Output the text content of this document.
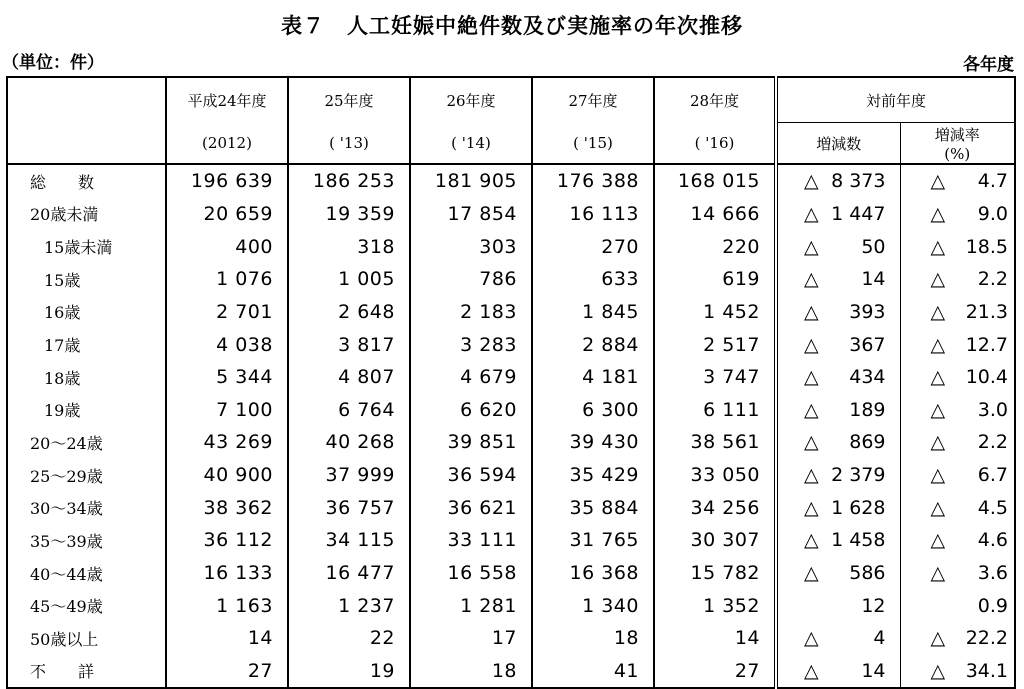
表７　人工妊娠中絶件数及び実施率の年次推移
（単位：件）	各年度
	平成24年度	25年度	26年度	27年度	28年度	対前年度	
	(2012)	( '13)	( '14)	( '15)	( '16)	増減数	増減率
(%)

総　　数	196 639	186 253	181 905	176 388	168 015	△ 8 373	△ 4.7

20歳未満	20 659	19 359	17 854	16 113	14 666	△ 1 447	△ 9.0

15歳未満	400	318	303	270	220	△ 50	△ 18.5

15歳	1 076	1 005	786	633	619	△ 14	△ 2.2

16歳	2 701	2 648	2 183	1 845	1 452	△ 393	△ 21.3

17歳	4 038	3 817	3 283	2 884	2 517	△ 367	△ 12.7

18歳	5 344	4 807	4 679	4 181	3 747	△ 434	△ 10.4

19歳	7 100	6 764	6 620	6 300	6 111	△ 189	△ 3.0

20～24歳	43 269	40 268	39 851	39 430	38 561	△ 869	△ 2.2

25～29歳	40 900	37 999	36 594	35 429	33 050	△ 2 379	△ 6.7

30～34歳	38 362	36 757	36 621	35 884	34 256	△ 1 628	△ 4.5

35～39歳	36 112	34 115	33 111	31 765	30 307	△ 1 458	△ 4.6

40～44歳	16 133	16 477	16 558	16 368	15 782	△ 586	△ 3.6

45～49歳	1 163	1 237	1 281	1 340	1 352	12	0.9

50歳以上	14	22	17	18	14	△ 4	△ 22.2

不　　詳	27	19	18	41	27	△ 14	△ 34.1
